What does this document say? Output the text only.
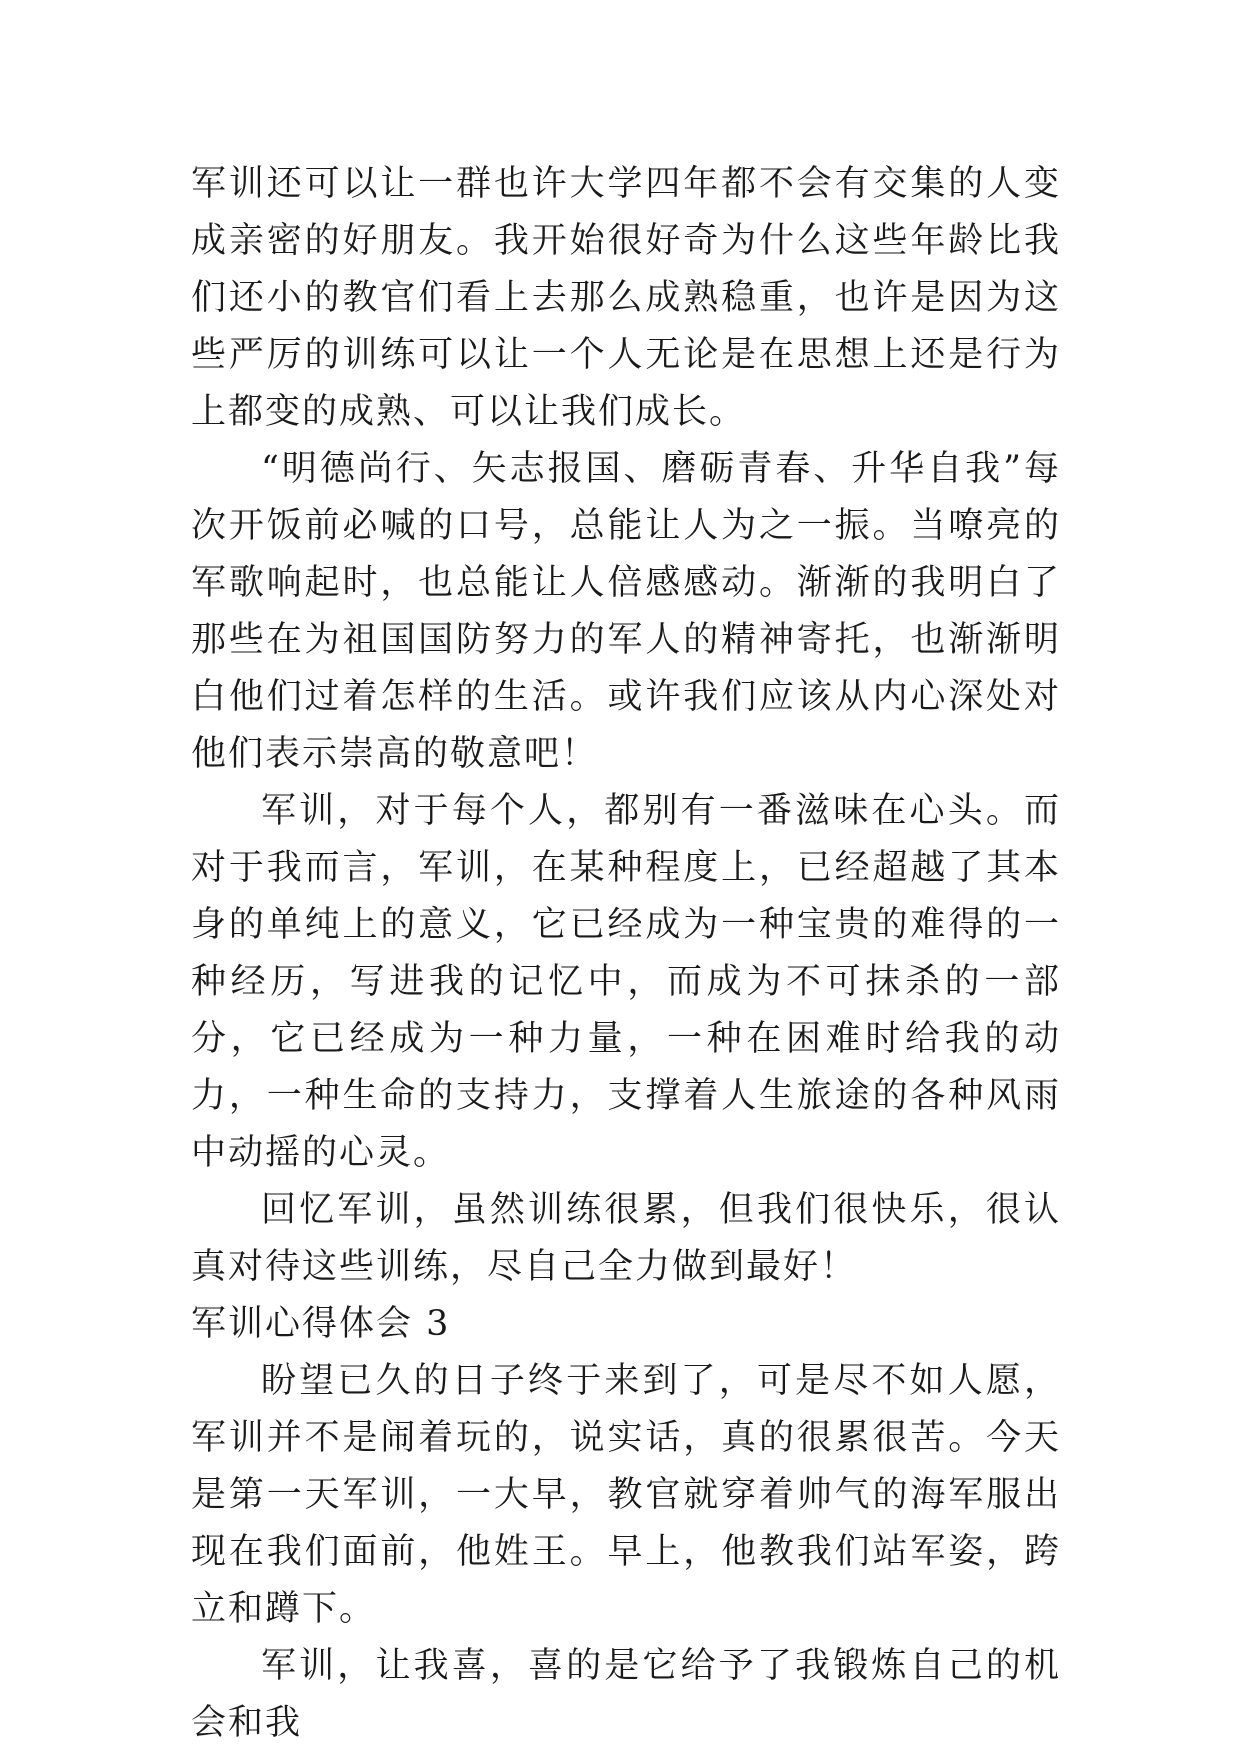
军训还可以让一群也许大学四年都不会有交集的人变成亲密的好朋友。我开始很好奇为什么这些年龄比我们还小的教官们看上去那么成熟稳重，也许是因为这些严厉的训练可以让一个人无论是在思想上还是行为上都变的成熟、可以让我们成长。

“明德尚行、矢志报国、磨砺青春、升华自我”每次开饭前必喊的口号，总能让人为之一振。当嘹亮的军歌响起时，也总能让人倍感感动。渐渐的我明白了那些在为祖国国防努力的军人的精神寄托，也渐渐明白他们过着怎样的生活。或许我们应该从内心深处对他们表示崇高的敬意吧！

军训，对于每个人，都别有一番滋味在心头。而对于我而言，军训，在某种程度上，已经超越了其本身的单纯上的意义，它已经成为一种宝贵的难得的一种经历，写进我的记忆中，而成为不可抹杀的一部分，它已经成为一种力量，一种在困难时给我的动力，一种生命的支持力，支撑着人生旅途的各种风雨中动摇的心灵。

回忆军训，虽然训练很累，但我们很快乐，很认真对待这些训练，尽自己全力做到最好！

军训心得体会 3

盼望已久的日子终于来到了，可是尽不如人愿，军训并不是闹着玩的，说实话，真的很累很苦。今天是第一天军训，一大早，教官就穿着帅气的海军服出现在我们面前，他姓王。早上，他教我们站军姿，跨立和蹲下。

军训，让我喜，喜的是它给予了我锻炼自己的机会和我
